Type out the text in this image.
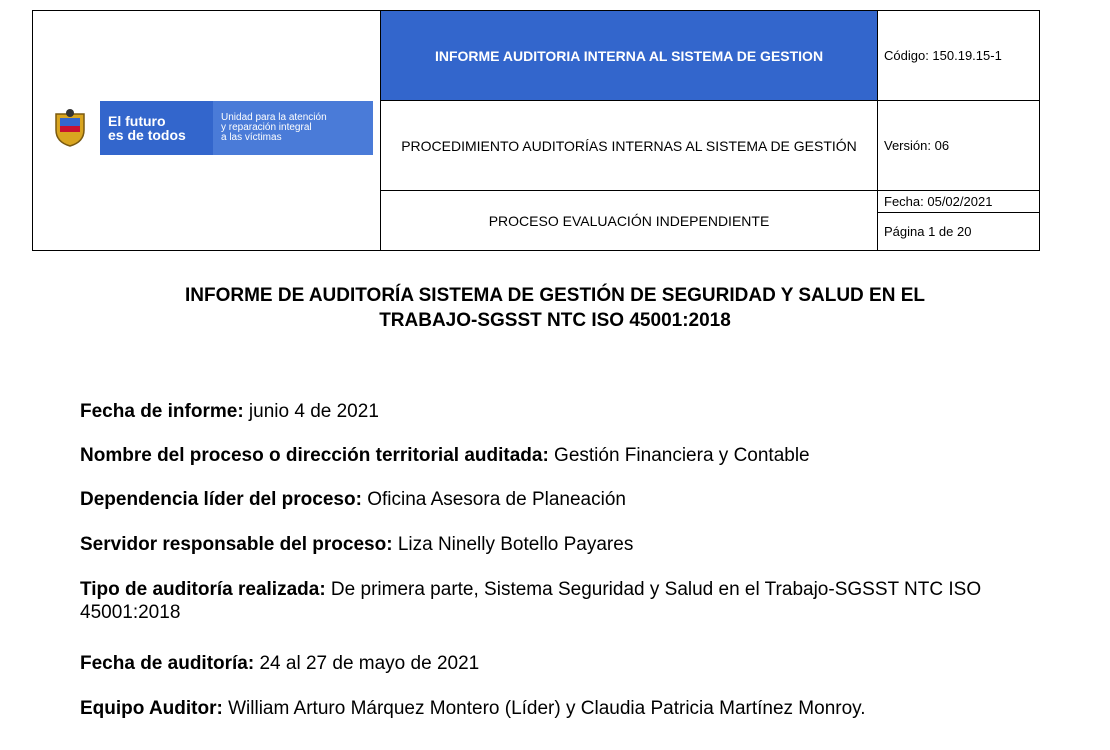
El futuro
es de todos
Unidad para la atención
y reparación integral
a las víctimas
INFORME AUDITORIA INTERNA AL SISTEMA DE GESTION
PROCEDIMIENTO AUDITORÍAS INTERNAS AL SISTEMA DE GESTIÓN
PROCESO EVALUACIÓN INDEPENDIENTE
Código: 150.19.15-1
Versión: 06
Fecha: 05/02/2021
Página 1 de 20
INFORME DE AUDITORÍA SISTEMA DE GESTIÓN DE SEGURIDAD Y SALUD EN EL
TRABAJO-SGSST NTC ISO 45001:2018
Fecha de informe: junio 4 de 2021
Nombre del proceso o dirección territorial auditada: Gestión Financiera y Contable
Dependencia líder del proceso: Oficina Asesora de Planeación
Servidor responsable del proceso: Liza Ninelly Botello Payares
Tipo de auditoría realizada: De primera parte, Sistema Seguridad y Salud en el Trabajo-SGSST NTC ISO 45001:2018
Fecha de auditoría: 24 al 27 de mayo de 2021
Equipo Auditor: William Arturo Márquez Montero (Líder) y Claudia Patricia Martínez Monroy.
